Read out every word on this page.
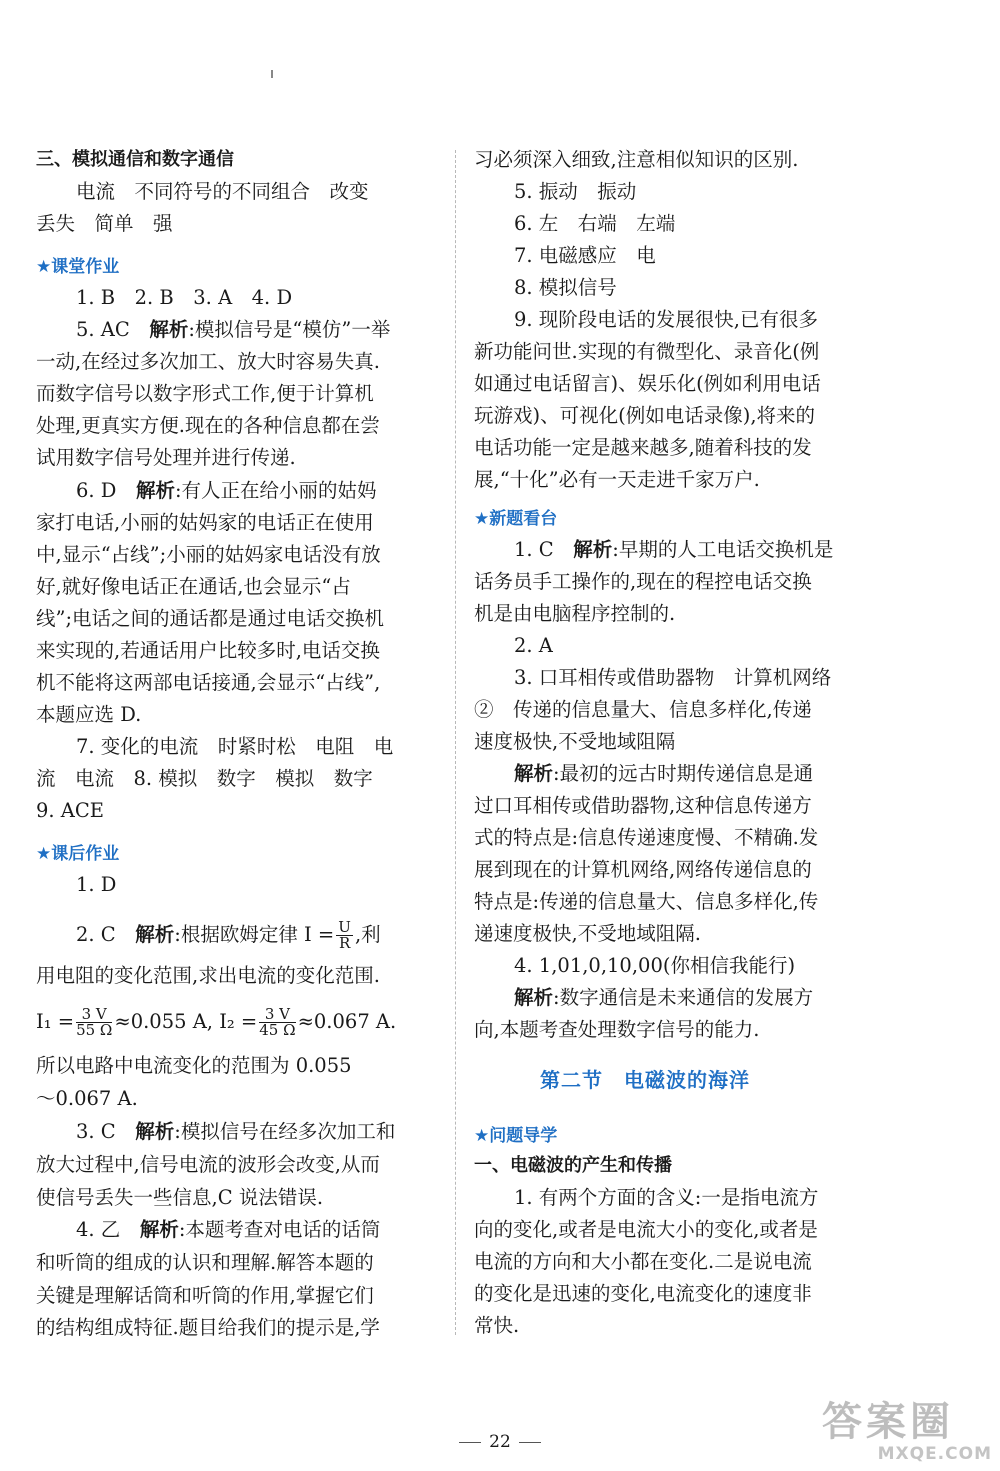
三、模拟通信和数字通信
电流　不同符号的不同组合　改变
丢失　简单　强
★课堂作业
1. B　2. B　3. A　4. D
5. AC　 解析:模拟信号是“模仿”一举
一动,在经过多次加工、放大时容易失真.
而数字信号以数字形式工作,便于计算机
处理,更真实方便.现在的各种信息都在尝
试用数字信号处理并进行传递.
6. D　 解析:有人正在给小丽的姑妈
家打电话,小丽的姑妈家的电话正在使用
中,显示“占线”;小丽的姑妈家电话没有放
好,就好像电话正在通话,也会显示“占
线”;电话之间的通话都是通过电话交换机
来实现的,若通话用户比较多时,电话交换
机不能将这两部电话接通,会显示“占线”,
本题应选 D.
7. 变化的电流　时紧时松　电阻　电
流　电流　8. 模拟　数字　模拟　数字
9. ACE
★课后作业
1. D
2. C　 解析:根据欧姆定律 $I = \frac{U}{R}$ ,利
用电阻的变化范围,求出电流的变化范围.
$I_1 = \frac{3 V}{55 \Omega} \approx 0.055$ A, $I_2 = \frac{3 V}{45 \Omega} \approx 0.067$ A.
所以电路中电流变化的范围为 0.055
～0.067 A.
3. C　 解析:模拟信号在经多次加工和
放大过程中,信号电流的波形会改变,从而
使信号丢失一些信息,C 说法错误.
4. 乙　 解析:本题考查对电话的话筒
和听筒的组成的认识和理解.解答本题的
关键是理解话筒和听筒的作用,掌握它们
的结构组成特征.题目给我们的提示是,学
习必须深入细致,注意相似知识的区别.
5. 振动　振动
6. 左　右端　左端
7. 电磁感应　电
8. 模拟信号
9. 现阶段电话的发展很快,已有很多
新功能问世.实现的有微型化、录音化(例
如通过电话留言)、娱乐化(例如利用电话
玩游戏)、可视化(例如电话录像),将来的
电话功能一定是越来越多,随着科技的发
展,“十化”必有一天走进千家万户.
★新题看台
1. C　 解析:早期的人工电话交换机是
话务员手工操作的,现在的程控电话交换
机是由电脑程序控制的.
2. A
3. 口耳相传或借助器物　计算机网络
②　传递的信息量大、信息多样化,传递
速度极快,不受地域阻隔
解析:最初的远古时期传递信息是通
过口耳相传或借助器物,这种信息传递方
式的特点是:信息传递速度慢、不精确.发
展到现在的计算机网络,网络传递信息的
特点是:传递的信息量大、信息多样化,传
递速度极快,不受地域阻隔.
4. 1,01,0,10,00(你相信我能行)
解析:数字通信是未来通信的发展方
向,本题考查处理数字信号的能力.
★问题导学
一、电磁波的产生和传播
1. 有两个方面的含义:一是指电流方
向的变化,或者是电流大小的变化,或者是
电流的方向和大小都在变化.二是说电流
的变化是迅速的变化,电流变化的速度非
常快.
第二节　电磁波的海洋
22	答案圈
MXQE.COM
